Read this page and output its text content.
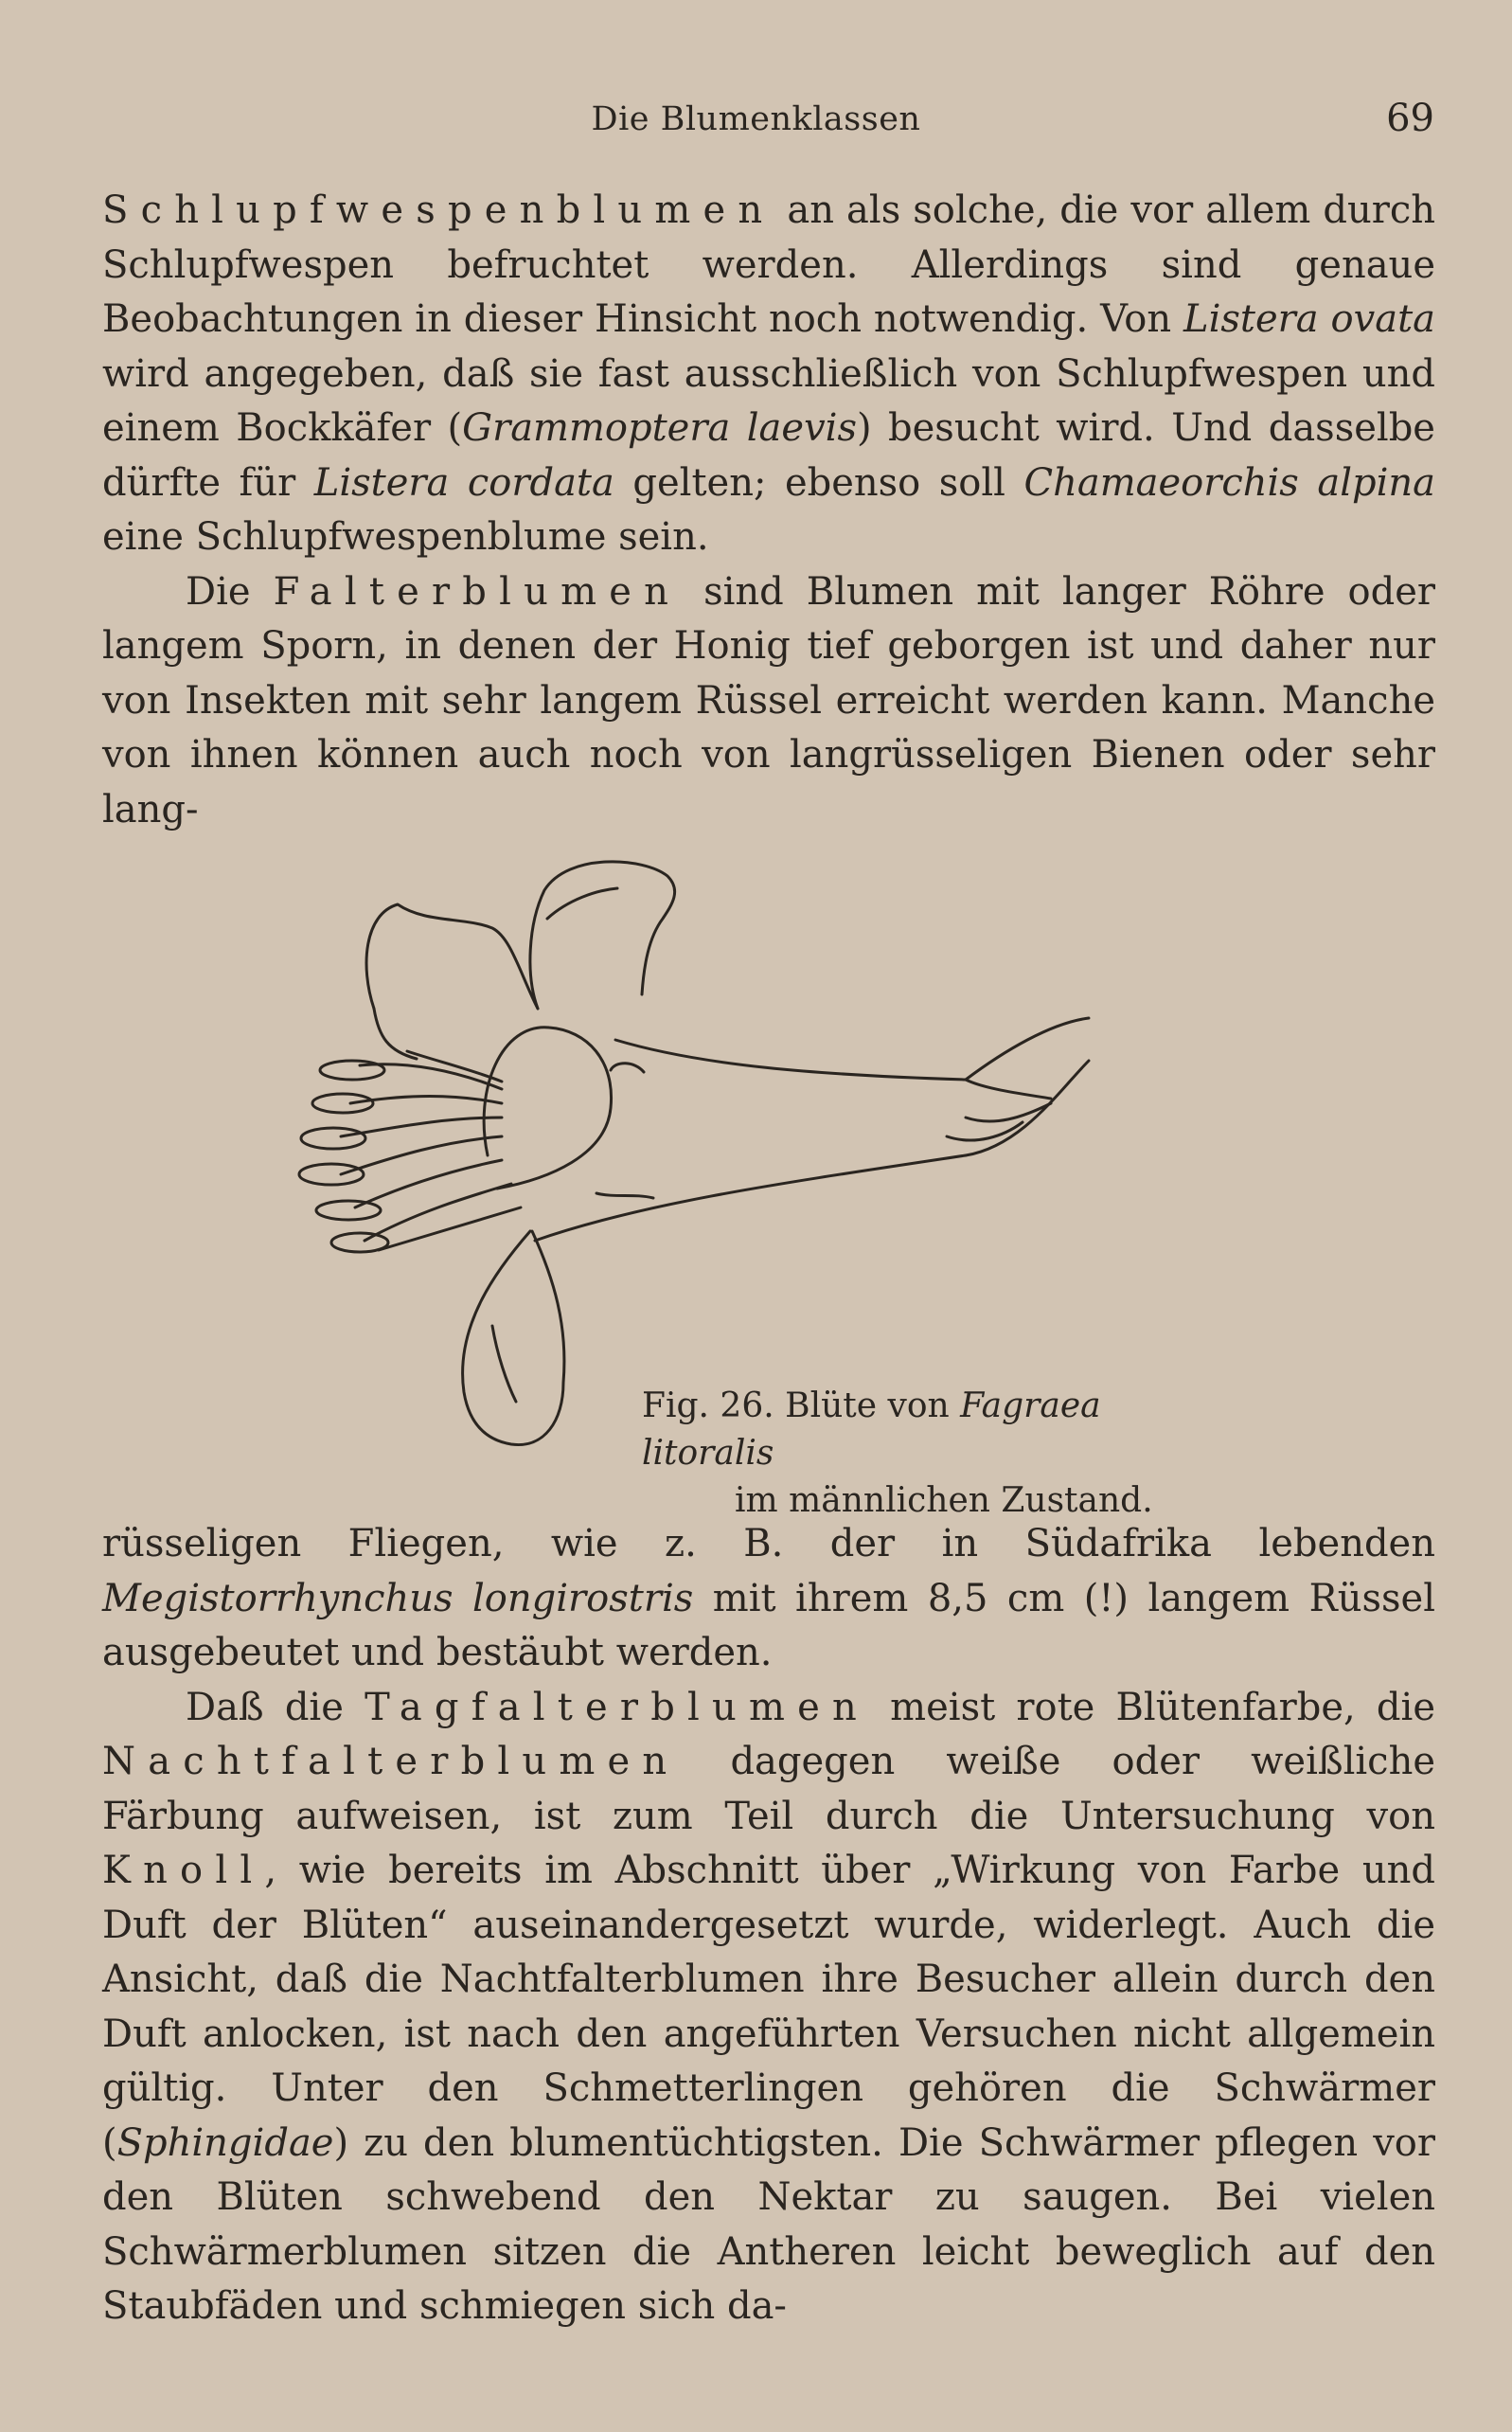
Die Blumenklassen	69

Schlupfwespenblumen an als solche, die vor allem durch Schlupfwespen befruchtet werden. Allerdings sind genaue Beobachtungen in dieser Hinsicht noch notwendig. Von Listera ovata wird angegeben, daß sie fast ausschließlich von Schlupfwespen und einem Bockkäfer (Grammoptera laevis) besucht wird. Und dasselbe dürfte für Listera cordata gelten; ebenso soll Chamaeorchis alpina eine Schlupfwespenblume sein.

Die Falterblumen sind Blumen mit langer Röhre oder langem Sporn, in denen der Honig tief geborgen ist und daher nur von Insekten mit sehr langem Rüssel erreicht werden kann. Manche von ihnen können auch noch von langrüsseligen Bienen oder sehr lang-

Fig. 26. Blüte von Fagraea litoralis
im männlichen Zustand.

rüsseligen Fliegen, wie z. B. der in Südafrika lebenden Megistorrhynchus longirostris mit ihrem 8,5 cm (!) langem Rüssel ausgebeutet und bestäubt werden.

Daß die Tagfalterblumen meist rote Blütenfarbe, die Nachtfalterblumen dagegen weiße oder weißliche Färbung aufweisen, ist zum Teil durch die Untersuchung von Knoll, wie bereits im Abschnitt über „Wirkung von Farbe und Duft der Blüten“ auseinandergesetzt wurde, widerlegt. Auch die Ansicht, daß die Nachtfalterblumen ihre Besucher allein durch den Duft anlocken, ist nach den angeführten Versuchen nicht allgemein gültig. Unter den Schmetterlingen gehören die Schwärmer (Sphingidae) zu den blumentüchtigsten. Die Schwärmer pflegen vor den Blüten schwebend den Nektar zu saugen. Bei vielen Schwärmerblumen sitzen die Antheren leicht beweglich auf den Staubfäden und schmiegen sich da-
